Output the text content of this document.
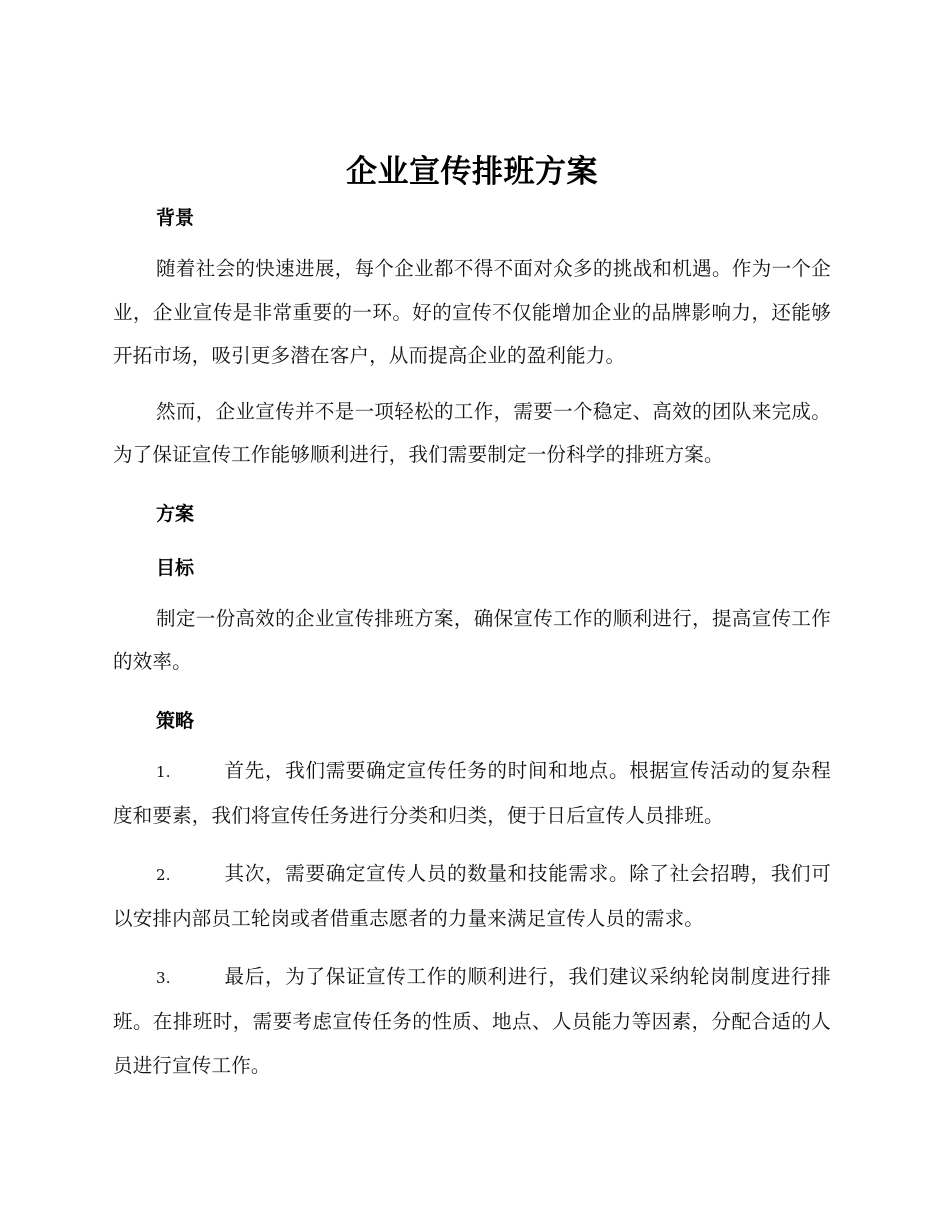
企业宣传排班方案
背景

随着社会的快速进展，每个企业都不得不面对众多的挑战和机遇。作为一个企业，企业宣传是非常重要的一环。好的宣传不仅能增加企业的品牌影响力，还能够开拓市场，吸引更多潜在客户，从而提高企业的盈利能力。

然而，企业宣传并不是一项轻松的工作，需要一个稳定、高效的团队来完成。为了保证宣传工作能够顺利进行，我们需要制定一份科学的排班方案。

方案
目标

制定一份高效的企业宣传排班方案，确保宣传工作的顺利进行，提高宣传工作的效率。

策略

1.	首先，我们需要确定宣传任务的时间和地点。根据宣传活动的复杂程度和要素，我们将宣传任务进行分类和归类，便于日后宣传人员排班。

2.	其次，需要确定宣传人员的数量和技能需求。除了社会招聘，我们可以安排内部员工轮岗或者借重志愿者的力量来满足宣传人员的需求。

3.	最后，为了保证宣传工作的顺利进行，我们建议采纳轮岗制度进行排班。在排班时，需要考虑宣传任务的性质、地点、人员能力等因素，分配合适的人员进行宣传工作。
